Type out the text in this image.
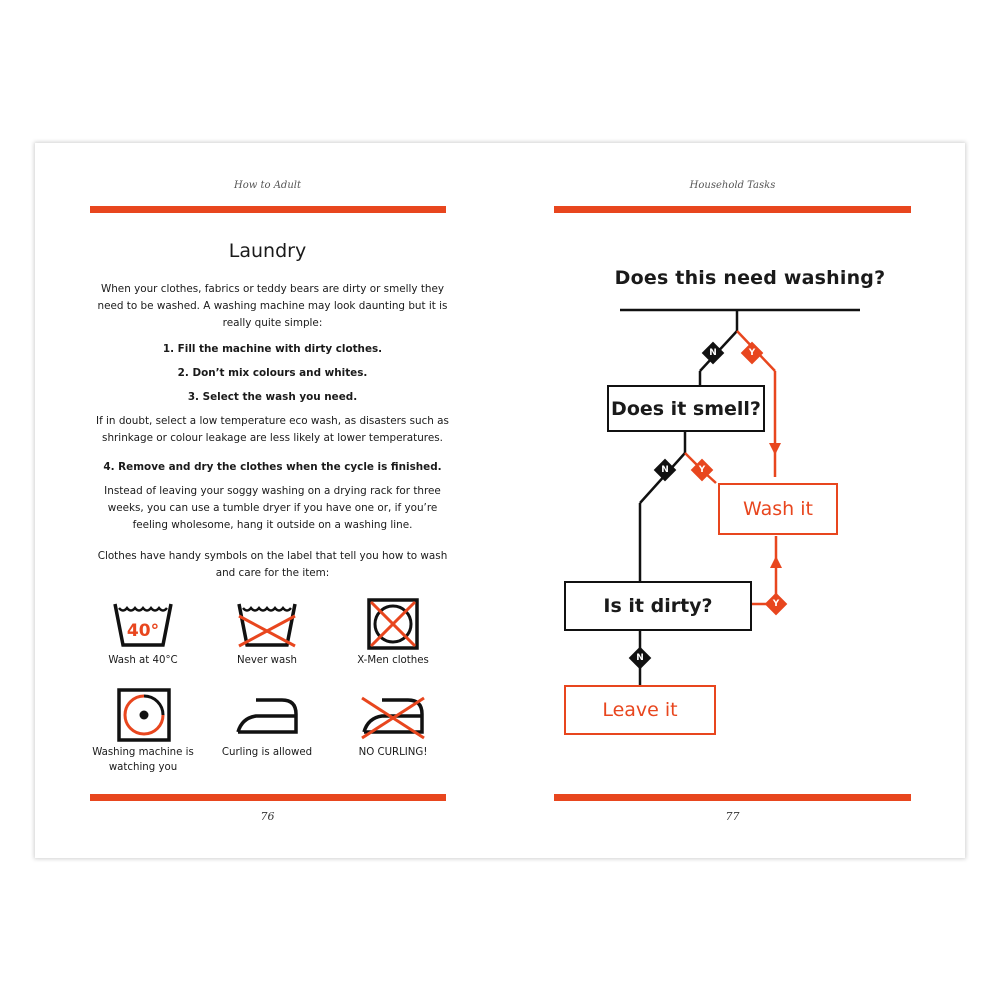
How to Adult
Laundry

When your clothes, fabrics or teddy bears are dirty or smelly they need to be washed. A washing machine may look daunting but it is really quite simple:

1. Fill the machine with dirty clothes.

2. Don’t mix colours and whites.

3. Select the wash you need.

If in doubt, select a low temperature eco wash, as disasters such as shrinkage or colour leakage are less likely at lower temperatures.

4. Remove and dry the clothes when the cycle is finished.

Instead of leaving your soggy washing on a drying rack for three weeks, you can use a tumble dryer if you have one or, if you’re feeling wholesome, hang it outside on a washing line.

Clothes have handy symbols on the label that tell you how to wash and care for the item:

40°
Wash at 40°C	Never wash	X-Men clothes
Washing machine is watching you
Curling is allowed	NO CURLING!
76
Household Tasks
N	Y
N	Y
Y
N
Does this need washing?
Does it smell?
Wash it
Is it dirty?
Leave it
77
